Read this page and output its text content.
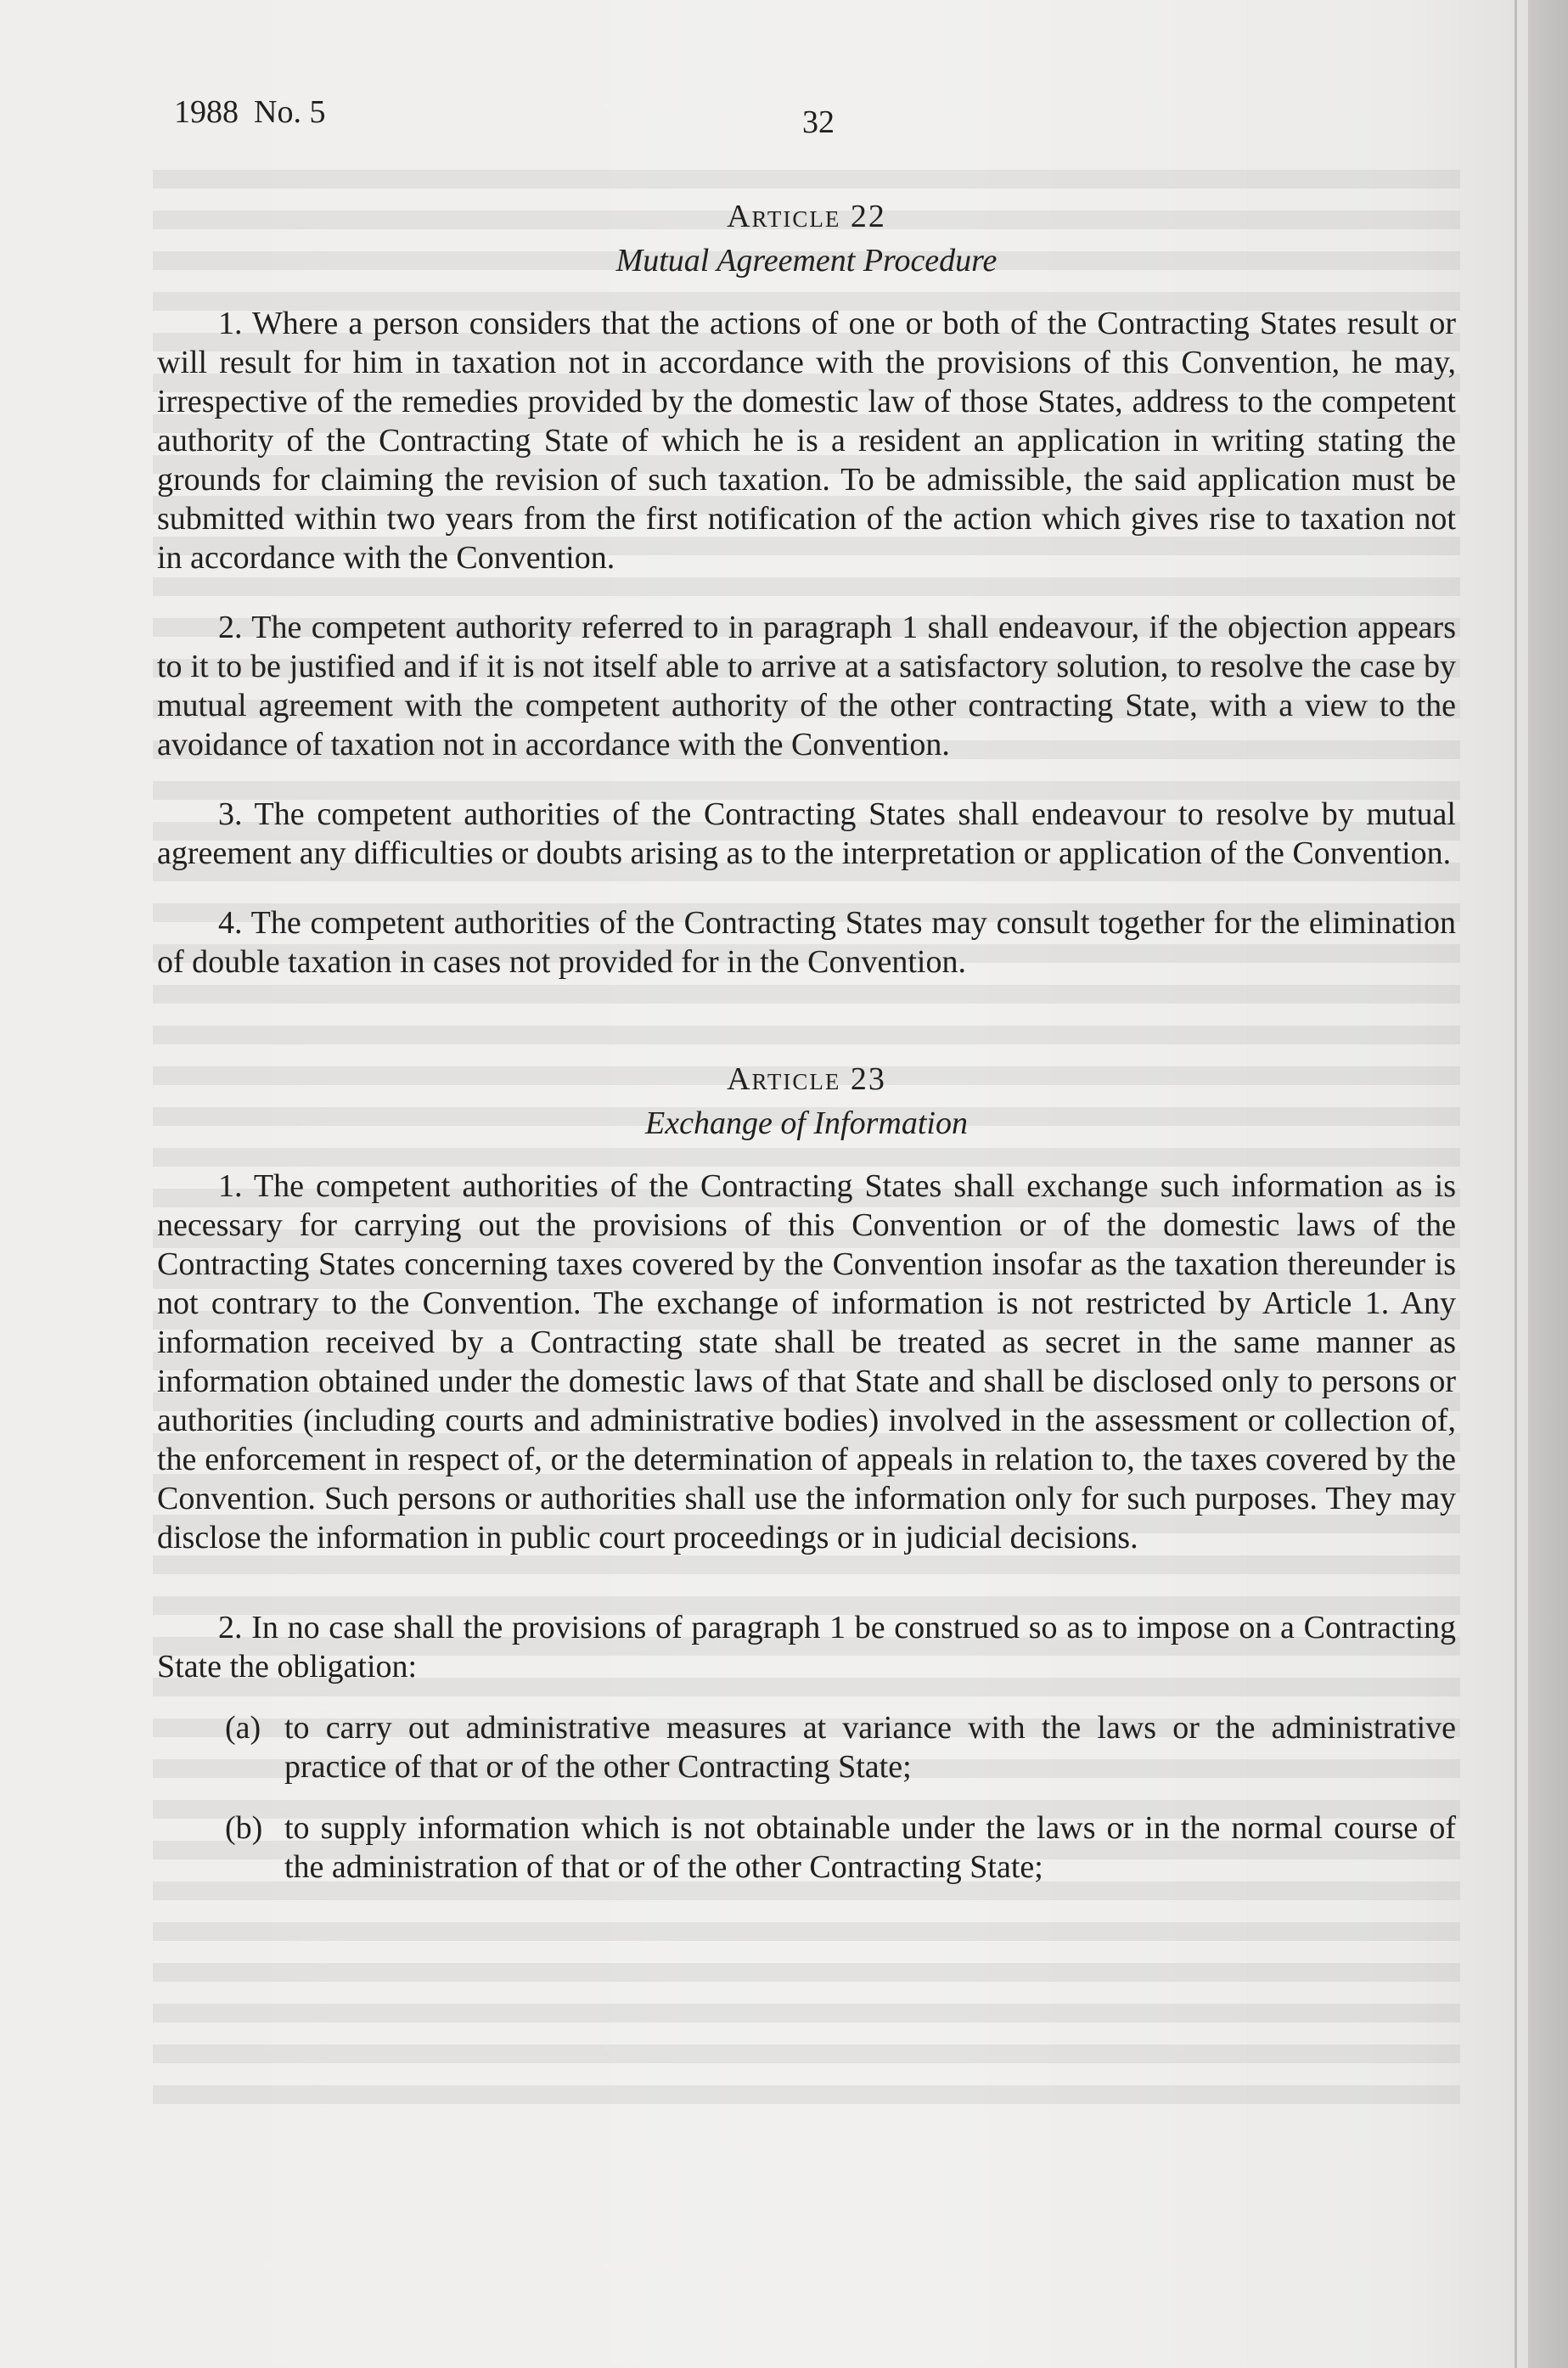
1988 No. 5	32
Article 22
Mutual Agreement Procedure

1. Where a person considers that the actions of one or both of the Contracting States result or will result for him in taxation not in accordance with the provisions of this Convention, he may, irrespective of the remedies provided by the domestic law of those States, address to the competent authority of the Contracting State of which he is a resident an application in writing stating the grounds for claiming the revision of such taxation. To be admissible, the said application must be submitted within two years from the first notification of the action which gives rise to taxation not in accordance with the Convention.

2. The competent authority referred to in paragraph 1 shall endeavour, if the objection appears to it to be justified and if it is not itself able to arrive at a satisfactory solution, to resolve the case by mutual agreement with the competent authority of the other contracting State, with a view to the avoidance of taxation not in accordance with the Convention.

3. The competent authorities of the Contracting States shall endeavour to resolve by mutual agreement any difficulties or doubts arising as to the interpretation or application of the Convention.

4. The competent authorities of the Contracting States may consult together for the elimination of double taxation in cases not provided for in the Convention.

Article 23
Exchange of Information

1. The competent authorities of the Contracting States shall exchange such information as is necessary for carrying out the provisions of this Convention or of the domestic laws of the Contracting States concerning taxes covered by the Convention insofar as the taxation thereunder is not contrary to the Convention. The exchange of information is not restricted by Article 1. Any information received by a Contracting state shall be treated as secret in the same manner as information obtained under the domestic laws of that State and shall be disclosed only to persons or authorities (including courts and administrative bodies) involved in the assessment or collection of, the enforcement in respect of, or the determination of appeals in relation to, the taxes covered by the Convention. Such persons or authorities shall use the information only for such purposes. They may disclose the information in public court proceedings or in judicial decisions.

2. In no case shall the provisions of paragraph 1 be construed so as to impose on a Contracting State the obligation:

(a) to carry out administrative measures at variance with the laws or the administrative practice of that or of the other Contracting State;
(b) to supply information which is not obtainable under the laws or in the normal course of the administration of that or of the other Contracting State;
